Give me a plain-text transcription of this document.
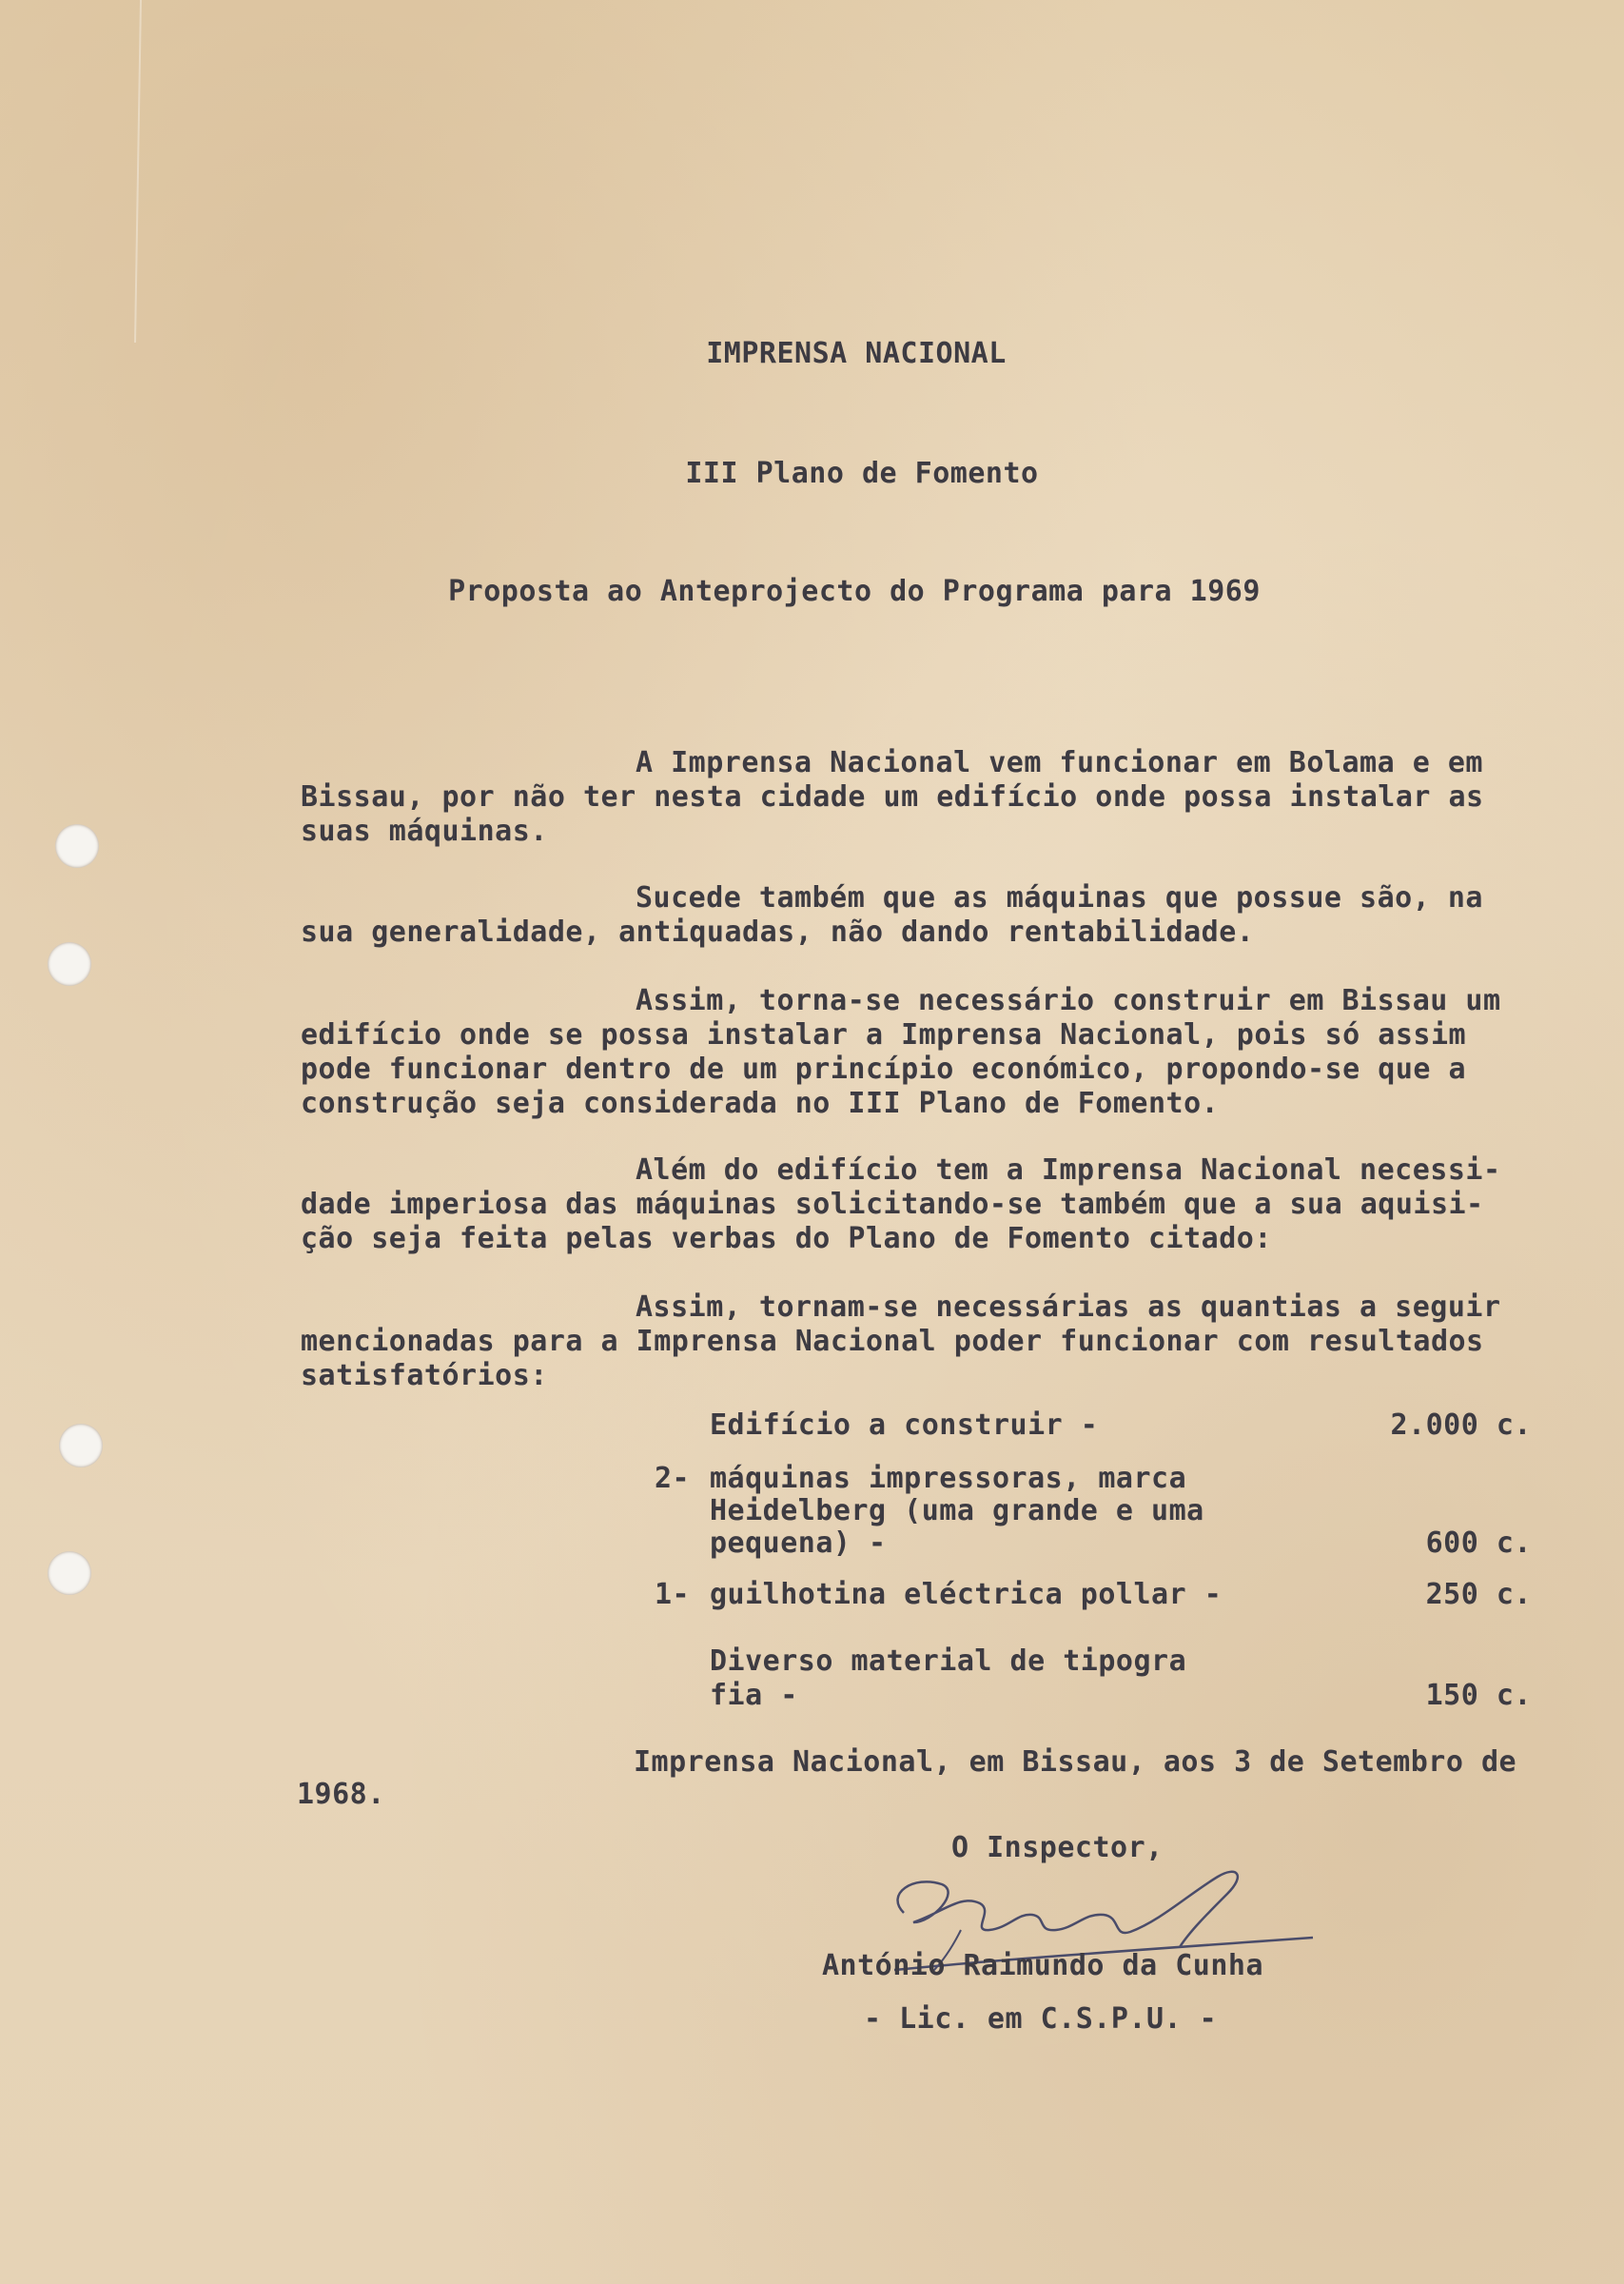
IMPRENSA NACIONAL
III Plano de Fomento
Proposta ao Anteprojecto do Programa para 1969
A Imprensa Nacional vem funcionar em Bolama e em
Bissau, por não ter nesta cidade um edifício onde possa instalar as
suas máquinas.
Sucede também que as máquinas que possue são, na
sua generalidade, antiquadas, não dando rentabilidade.
Assim, torna-se necessário construir em Bissau um
edifício onde se possa instalar a Imprensa Nacional, pois só assim
pode funcionar dentro de um princípio económico, propondo-se que a
construção seja considerada no III Plano de Fomento.
Além do edifício tem a Imprensa Nacional necessi-
dade imperiosa das máquinas solicitando-se também que a sua aquisi-
ção seja feita pelas verbas do Plano de Fomento citado:
Assim, tornam-se necessárias as quantias a seguir
mencionadas para a Imprensa Nacional poder funcionar com resultados
satisfatórios:
Edifício a construir -	2.000 c.
2- máquinas impressoras, marca
Heidelberg (uma grande e uma
pequena) -	600 c.
1- guilhotina eléctrica pollar -	250 c.
Diverso material de tipogra
fia -	150 c.
Imprensa Nacional, em Bissau, aos 3 de Setembro de
1968.
O Inspector,
António Raimundo da Cunha
- Lic. em C.S.P.U. -
